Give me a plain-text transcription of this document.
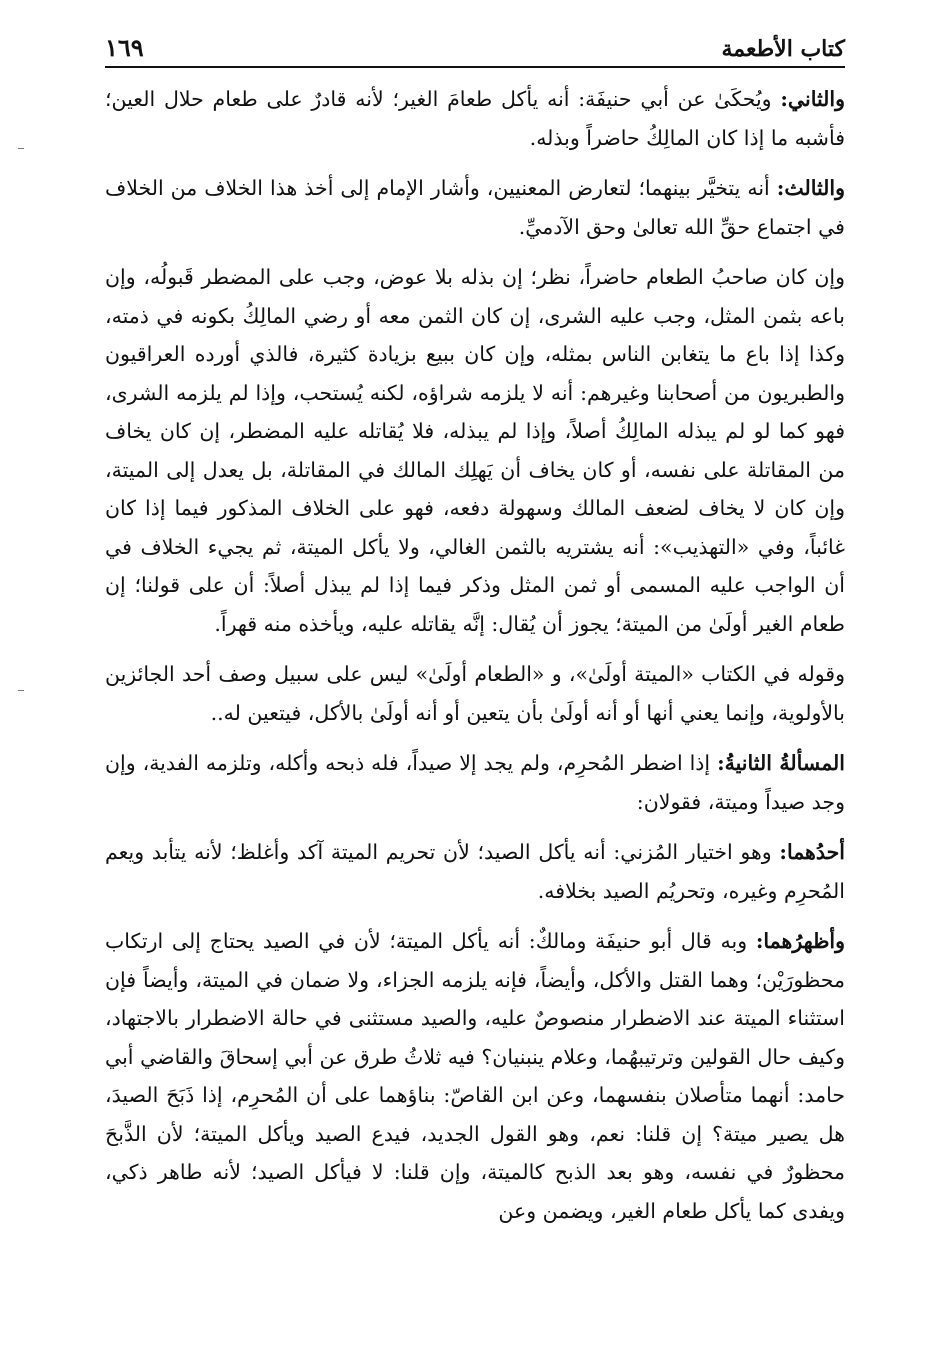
كتاب الأطعمة
١٦٩

والثاني: ويُحكَىٰ عن أبي حنيفَة: أنه يأكل طعامَ الغير؛ لأنه قادرٌ على طعام حلال العين؛ فأشبه ما إذا كان المالِكُ حاضراً وبذله.

والثالث: أنه يتخيَّر بينهما؛ لتعارض المعنيين، وأشار الإمام إلى أخذ هذا الخلاف من الخلاف في اجتماع حقِّ الله تعالىٰ وحق الآدميِّ.

وإن كان صاحبُ الطعام حاضراً، نظر؛ إن بذله بلا عوض، وجب على المضطر قَبولُه، وإن باعه بثمن المثل، وجب عليه الشرى، إن كان الثمن معه أو رضي المالِكُ بكونه في ذمته، وكذا إذا باع ما يتغابن الناس بمثله، وإن كان ببيع بزيادة كثيرة، فالذي أورده العراقيون والطبريون من أصحابنا وغيرهم: أنه لا يلزمه شراؤه، لكنه يُستحب، وإذا لم يلزمه الشرى، فهو كما لو لم يبذله المالِكُ أصلاً، وإذا لم يبذله، فلا يُقاتله عليه المضطر، إن كان يخاف من المقاتلة على نفسه، أو كان يخاف أن يَهلِك المالك في المقاتلة، بل يعدل إلى الميتة، وإن كان لا يخاف لضعف المالك وسهولة دفعه، فهو على الخلاف المذكور فيما إذا كان غائباً، وفي «التهذيب»: أنه يشتريه بالثمن الغالي، ولا يأكل الميتة، ثم يجيء الخلاف في أن الواجب عليه المسمى أو ثمن المثل وذكر فيما إذا لم يبذل أصلاً: أن على قولنا؛ إن طعام الغير أولَىٰ من الميتة؛ يجوز أن يُقال: إنَّه يقاتله عليه، ويأخذه منه قهراً.

وقوله في الكتاب «الميتة أولَىٰ»، و «الطعام أولَىٰ» ليس على سبيل وصف أحد الجائزين بالأولوية، وإنما يعني أنها أو أنه أولَىٰ بأن يتعين أو أنه أولَىٰ بالأكل، فيتعين له..

المسألةُ الثانيةُ: إذا اضطر المُحرِم، ولم يجد إلا صيداً، فله ذبحه وأكله، وتلزمه الفدية، وإن وجد صيداً وميتة، فقولان:

أحدُهما: وهو اختيار المُزني: أنه يأكل الصيد؛ لأن تحريم الميتة آكد وأغلظ؛ لأنه يتأبد ويعم المُحرِم وغيره، وتحريُم الصيد بخلافه.

وأظهرُهما: وبه قال أبو حنيفَة ومالكٌ: أنه يأكل الميتة؛ لأن في الصيد يحتاج إلى ارتكاب محظورَيْن؛ وهما القتل والأكل، وأيضاً، فإنه يلزمه الجزاء، ولا ضمان في الميتة، وأيضاً فإن استثناء الميتة عند الاضطرار منصوصٌ عليه، والصيد مستثنى في حالة الاضطرار بالاجتهاد، وكيف حال القولين وترتيبهُما، وعلام ينبنيان؟ فيه ثلاثُ طرق عن أبي إسحاقَ والقاضي أبي حامد: أنهما متأصلان بنفسهما، وعن ابن القاصّ: بناؤهما على أن المُحرِم، إذا ذَبَحَ الصيدَ، هل يصير ميتة؟ إن قلنا: نعم، وهو القول الجديد، فيدع الصيد ويأكل الميتة؛ لأن الذَّبحَ محظورٌ في نفسه، وهو بعد الذبح كالميتة، وإن قلنا: لا فيأكل الصيد؛ لأنه طاهر ذكي، ويفدى كما يأكل طعام الغير، ويضمن وعن
